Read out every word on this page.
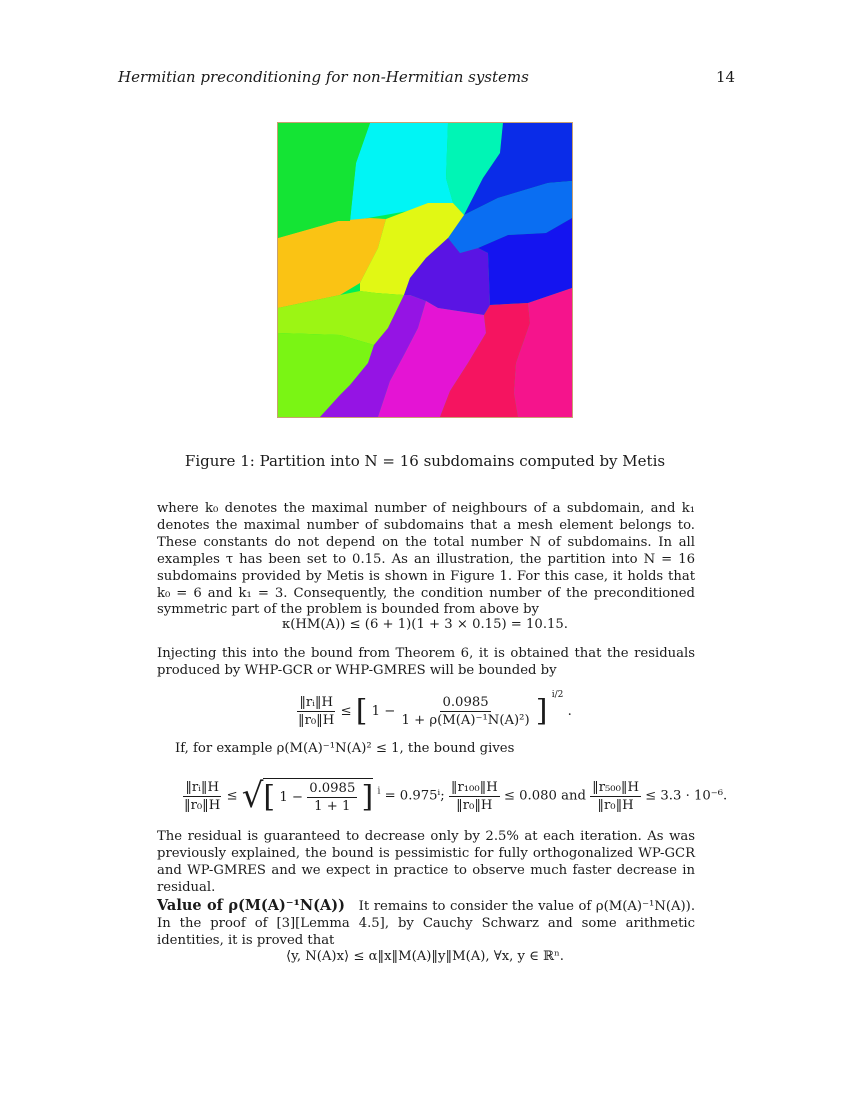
Hermitian preconditioning for non-Hermitian systems	14
Figure 1: Partition into N = 16 subdomains computed by Metis

where k₀ denotes the maximal number of neighbours of a subdomain, and k₁ denotes the maximal number of subdomains that a mesh element belongs to. These constants do not depend on the total number N of subdomains. In all examples τ has been set to 0.15. As an illustration, the partition into N = 16 subdomains provided by Metis is shown in Figure 1. For this case, it holds that k₀ = 6 and k₁ = 3. Consequently, the condition number of the preconditioned symmetric part of the problem is bounded from above by

κ(HM(A)) ≤ (6 + 1)(1 + 3 × 0.15) = 10.15.

Injecting this into the bound from Theorem 6, it is obtained that the residuals produced by WHP-GCR or WHP-GMRES will be bounded by

$\frac{\text{‖rᵢ‖H}}{\text{‖r₀‖H}}$ ≤ [ $1 - \frac{0.0985}{\text{1 + ρ(M(A)⁻¹N(A)²)}}$ ] $^{i/2}$ .
If, for example ρ(M(A)⁻¹N(A)² ≤ 1, the bound gives
$\frac{\text{‖rᵢ‖H}}{\text{‖r₀‖H}}$ ≤ √[ $1 - \frac{0.0985}{1 + 1}$ ] $^i$ = 0.975ⁱ; $\frac{\text{‖r₁₀₀‖H}}{\text{‖r₀‖H}} \le 0.080$ and $\frac{\text{‖r₅₀₀‖H}}{\text{‖r₀‖H}} \le 3.3 \cdot 10^{-6}$.

The residual is guaranteed to decrease only by 2.5% at each iteration. As was previously explained, the bound is pessimistic for fully orthogonalized WP-GCR and WP-GMRES and we expect in practice to observe much faster decrease in residual.

Value of ρ(M(A)⁻¹N(A)) It remains to consider the value of ρ(M(A)⁻¹N(A)). In the proof of [3][Lemma 4.5], by Cauchy Schwarz and some arithmetic identities, it is proved that

⟨y, N(A)x⟩ ≤ α‖x‖M(A)‖y‖M(A), ∀x, y ∈ ℝⁿ.
